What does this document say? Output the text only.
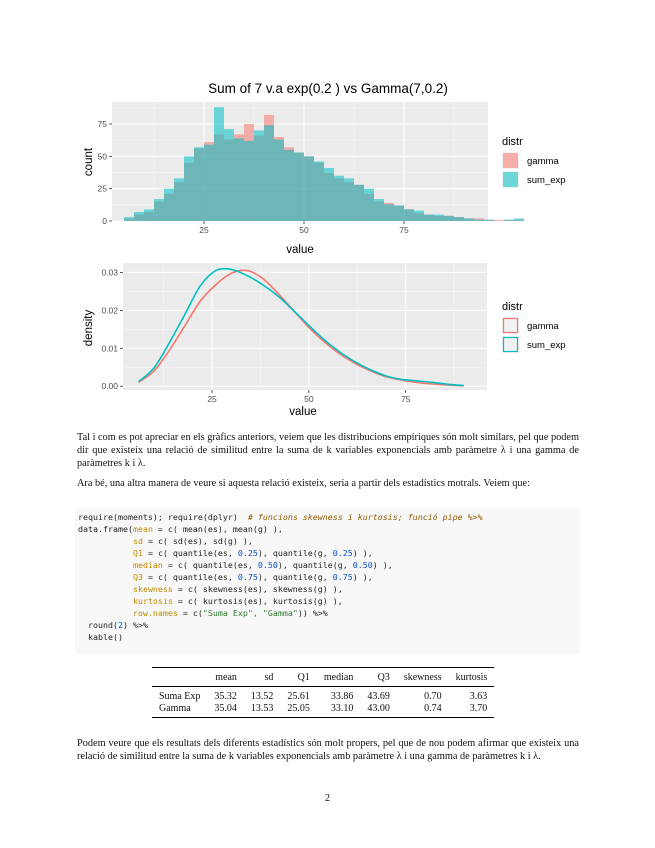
Sum of 7 v.a exp(0.2 ) vs Gamma(7,0.2)
0
25
50
75
25	50	75
value
count
distr
gamma
sum_exp
0.00
0.01
0.02
0.03
25	50	75
value
density
distr
gamma
sum_exp
Tal i com es pot apreciar en els gràfics anteriors, veiem que les distribucions empíriques són molt similars, pel que podem dir que existeix una relació de similitud entre la suma de k variables exponencials amb paràmetre λ i una gamma de paràmetres k i λ.
Ara bé, una altra manera de veure si aquesta relació existeix, seria a partir dels estadístics motrals. Veiem que:
require(moments); require(dplyr) # funcions skewness i kurtosis; funció pipe %>%
data.frame(mean = c( mean(es), mean(g) ),
sd = c( sd(es), sd(g) ),
Q1 = c( quantile(es, 0.25), quantile(g, 0.25) ),
median = c( quantile(es, 0.50), quantile(g, 0.50) ),
Q3 = c( quantile(es, 0.75), quantile(g, 0.75) ),
skewness = c( skewness(es), skewness(g) ),
kurtosis = c( kurtosis(es), kurtosis(g) ),
row.names = c("Suma Exp", "Gamma")) %>%
round(2) %>%
kable()
	mean	sd	Q1	median	Q3	skewness	kurtosis
Suma Exp	35.32	13.52	25.61	33.86	43.69	0.70	3.63
Gamma	35.04	13.53	25.05	33.10	43.00	0.74	3.70
Podem veure que els resultats dels diferents estadístics són molt propers, pel que de nou podem afirmar que existeix una relació de similitud entre la suma de k variables exponencials amb paràmetre λ i una gamma de paràmetres k i λ.
2
